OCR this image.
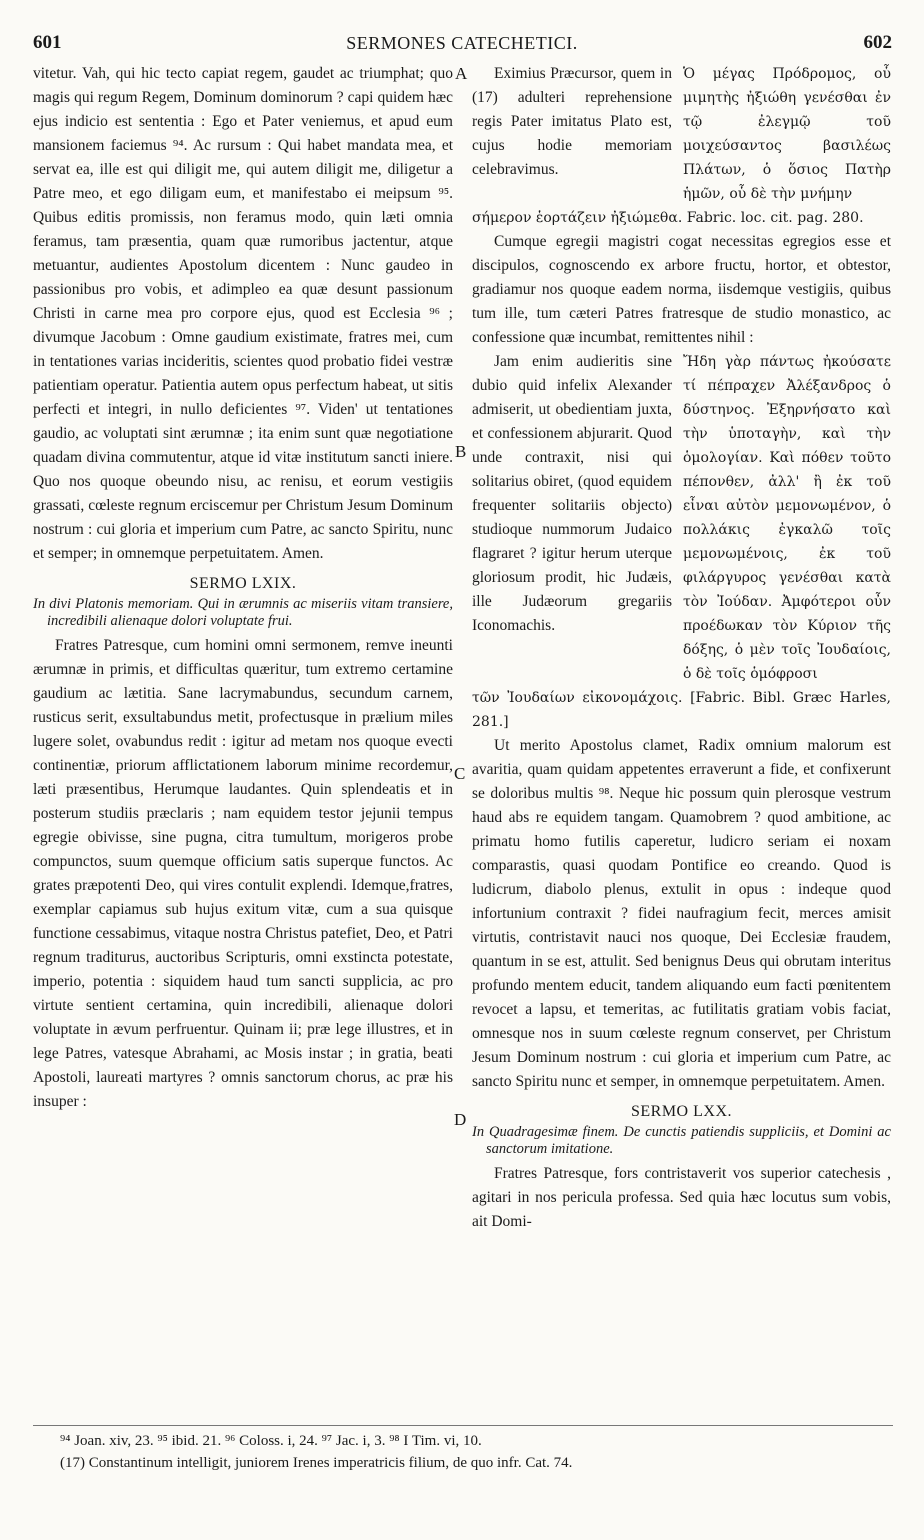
601	SERMONES CATECHETICI.	602
A
B
C
D

vitetur. Vah, qui hic tecto capiat regem, gaudet ac triumphat; quo magis qui regum Regem, Dominum dominorum ? capi quidem hæc ejus indicio est sententia : Ego et Pater veniemus, et apud eum mansionem faciemus ⁹⁴. Ac rursum : Qui habet mandata mea, et servat ea, ille est qui diligit me, qui autem diligit me, diligetur a Patre meo, et ego diligam eum, et manifestabo ei meipsum ⁹⁵. Quibus editis promissis, non feramus modo, quin læti omnia feramus, tam præsentia, quam quæ rumoribus jactentur, atque metuantur, audientes Apostolum dicentem : Nunc gaudeo in passionibus pro vobis, et adimpleo ea quæ desunt passionum Christi in carne mea pro corpore ejus, quod est Ecclesia ⁹⁶ ; divumque Jacobum : Omne gaudium existimate, fratres mei, cum in tentationes varias incideritis, scientes quod probatio fidei vestræ patientiam operatur. Patientia autem opus perfectum habeat, ut sitis perfecti et integri, in nullo deficientes ⁹⁷. Viden' ut tentationes gaudio, ac voluptati sint ærumnæ ; ita enim sunt quæ negotiatione quadam divina commutentur, atque id vitæ institutum sancti iniere. Quo nos quoque obeundo nisu, ac renisu, et eorum vestigiis grassati, cœleste regnum erciscemur per Christum Jesum Dominum nostrum : cui gloria et imperium cum Patre, ac sancto Spiritu, nunc et semper; in omnemque perpetuitatem. Amen.

SERMO LXIX.

In divi Platonis memoriam. Qui in ærumnis ac miseriis vitam transiere, incredibili alienaque dolori voluptate frui.

Fratres Patresque, cum homini omni sermonem, remve ineunti ærumnæ in primis, et difficultas quæritur, tum extremo certamine gaudium ac lætitia. Sane lacrymabundus, secundum carnem, rusticus serit, exsultabundus metit, profectusque in prælium miles lugere solet, ovabundus redit : igitur ad metam nos quoque evecti continentiæ, priorum afflictationem laborum minime recordemur, læti præsentibus, Herumque laudantes. Quin splendeatis et in posterum studiis præclaris ; nam equidem testor jejunii tempus egregie obivisse, sine pugna, citra tumultum, morigeros probe compunctos, suum quemque officium satis superque functos. Ac grates præpotenti Deo, qui vires contulit explendi. Idemque,fratres, exemplar capiamus sub hujus exitum vitæ, cum a sua quisque functione cessabimus, vitaque nostra Christus patefiet, Deo, et Patri regnum traditurus, auctoribus Scripturis, omni exstincta potestate, imperio, potentia : siquidem haud tum sancti supplicia, ac pro virtute sentient certamina, quin incredibili, alienaque dolori voluptate in ævum perfruentur. Quinam ii; præ lege illustres, et in lege Patres, vatesque Abrahami, ac Mosis instar ; in gratia, beati Apostoli, laureati martyres ? omnis sanctorum chorus, ac præ his insuper :

Eximius Præcursor, quem in (17) adulteri reprehensione regis Pater imitatus Plato est, cujus hodie memoriam celebravimus.

Ὁ μέγας Πρόδρομος, οὗ μιμητὴς ἠξιώθη γενέσθαι ἐν τῷ ἐλεγμῷ τοῦ μοιχεύσαντος βασιλέως Πλάτων, ὁ ὅσιος Πατὴρ ἡμῶν, οὗ δὲ τὴν μνήμην

σήμερον ἑορτάζειν ἠξιώμεθα. Fabric. loc. cit. pag. 280.

Cumque egregii magistri cogat necessitas egregios esse et discipulos, cognoscendo ex arbore fructu, hortor, et obtestor, gradiamur nos quoque eadem norma, iisdemque vestigiis, quibus tum ille, tum cæteri Patres fratresque de studio monastico, ac confessione quæ incumbat, remittentes nihil :

Jam enim audieritis sine dubio quid infelix Alexander admiserit, ut obedientiam juxta, et confessionem abjurarit. Quod unde contraxit, nisi qui solitarius obiret, (quod equidem frequenter solitariis objecto) studioque nummorum Judaico flagraret ? igitur herum uterque gloriosum prodit, hic Judæis, ille Judæorum gregariis Iconomachis.

Ἤδη γὰρ πάντως ἠκούσατε τί πέπραχεν Ἀλέξανδρος ὁ δύστηνος. Ἐξηρνήσατο καὶ τὴν ὑποταγὴν, καὶ τὴν ὁμολογίαν. Καὶ πόθεν τοῦτο πέπονθεν, ἀλλ' ἢ ἐκ τοῦ εἶναι αὐτὸν μεμονωμένον, ὁ πολλάκις ἐγκαλῶ τοῖς μεμονωμένοις, ἐκ τοῦ φιλάργυρος γενέσθαι κατὰ τὸν Ἰούδαν. Ἀμφότεροι οὖν προέδωκαν τὸν Κύριον τῆς δόξης, ὁ μὲν τοῖς Ἰουδαίοις, ὁ δὲ τοῖς ὁμόφροσι

τῶν Ἰουδαίων εἰκονομάχοις. [Fabric. Bibl. Græc Harles, 281.]

Ut merito Apostolus clamet, Radix omnium malorum est avaritia, quam quidam appetentes erraverunt a fide, et confixerunt se doloribus multis ⁹⁸. Neque hic possum quin plerosque vestrum haud abs re equidem tangam. Quamobrem ? quod ambitione, ac primatu homo futilis caperetur, ludicro seriam ei noxam comparastis, quasi quodam Pontifice eo creando. Quod is ludicrum, diabolo plenus, extulit in opus : indeque quod infortunium contraxit ? fidei naufragium fecit, merces amisit virtutis, contristavit nauci nos quoque, Dei Ecclesiæ fraudem, quantum in se est, attulit. Sed benignus Deus qui obrutam interitus profundo mentem educit, tandem aliquando eum facti pœnitentem revocet a lapsu, et temeritas, ac futilitatis gratiam vobis faciat, omnesque nos in suum cœleste regnum conservet, per Christum Jesum Dominum nostrum : cui gloria et imperium cum Patre, ac sancto Spiritu nunc et semper, in omnemque perpetuitatem. Amen.

SERMO LXX.

In Quadragesimæ finem. De cunctis patiendis suppliciis, et Domini ac sanctorum imitatione.

Fratres Patresque, fors contristaverit vos superior catechesis , agitari in nos pericula professa. Sed quia hæc locutus sum vobis, ait Domi-

⁹⁴ Joan. xiv, 23. ⁹⁵ ibid. 21. ⁹⁶ Coloss. i, 24. ⁹⁷ Jac. i, 3. ⁹⁸ I Tim. vi, 10.
(17) Constantinum intelligit, juniorem Irenes imperatricis filium, de quo infr. Cat. 74.
